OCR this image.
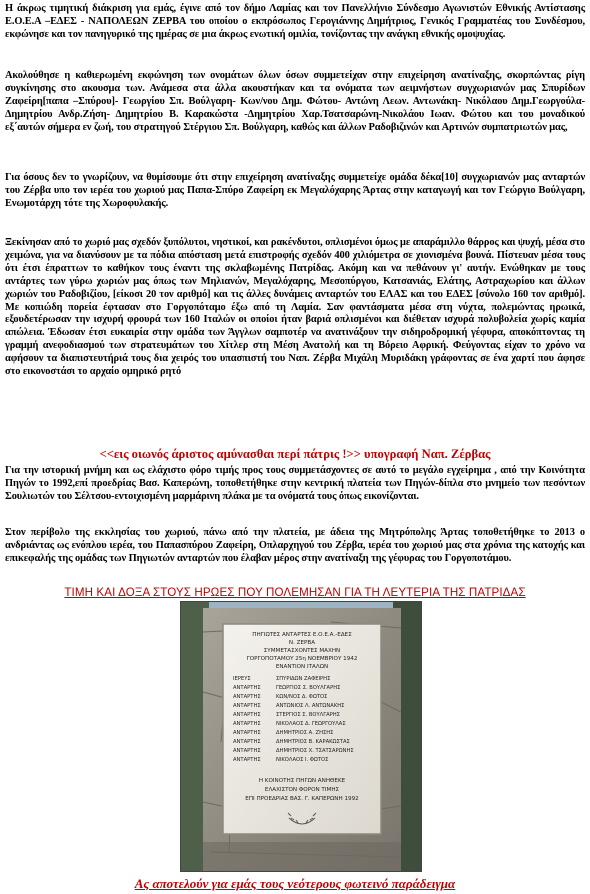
Η άκρως τιμητική διάκριση για εμάς, έγινε από τον δήμο Λαμίας και τον Πανελλήνιο Σύνδεσμο Αγωνιστών Εθνικής Αντίστασης Ε.Ο.Ε.Α –ΕΔΕΣ - ΝΑΠΟΛΕΩΝ ΖΕΡΒΑ του οποίου ο εκπρόσωπος Γερογιάννης Δημήτριος, Γενικός Γραμματέας του Συνδέσμου, εκφώνησε και τον πανηγυρικό της ημέρας σε μια άκρως ενωτική ομιλία, τονίζοντας την ανάγκη εθνικής ομοψυχίας.

Ακολούθησε η καθιερωμένη εκφώνηση των ονομάτων όλων όσων συμμετείχαν στην επιχείρηση ανατίναξης, σκορπώντας ρίγη συγκίνησης στο ακουσμα των. Ανάμεσα στα άλλα ακουστήκαν και τα ονόματα των αειμνήστων συγχωριανών μας Σπυρίδων Ζαφείρη[παπα –Σπύρου]- Γεωργίου Σπ. Βούλγαρη- Κων/νου Δημ. Φώτου- Αντώνη Λεων. Αντωνάκη- Νικόλαου Δημ.Γεωργούλα- Δημητρίου Ανδρ.Ζήση- Δημητρίου Β. Καρακώστα -Δημητρίου Χαρ.Τσατσαρώνη-Νικολάου Ιωαν. Φώτου και του μοναδικού εξ΄αυτών σήμερα εν ζωή, του στρατηγού Στέργιου Σπ. Βούλγαρη, καθώς και άλλων Ραδοβιζινών και Αρτινών συμπατριωτών μας,

Για όσους δεν το γνωρίζουν, να θυμίσουμε ότι στην επιχείρηση ανατίναξης συμμετείχε ομάδα δέκα[10] συγχωριανών μας ανταρτών του Ζέρβα υπο τον ιερέα του χωριού μας Παπα-Σπύρο Ζαφείρη εκ Μεγαλόχαρης Άρτας στην καταγωγή και τον Γεώργιο Βούλγαρη, Ενωμοτάρχη τότε της Χωροφυλακής.

Ξεκίνησαν από το χωριό μας σχεδόν ξυπόλυτοι, νηστικοί, και ρακένδυτοι, οπλισμένοι όμως με απαράμιλλο θάρρος και ψυχή, μέσα στο χειμώνα, για να διανύσουν με τα πόδια απόσταση μετά επιστροφής σχεδόν 400 χιλιόμετρα σε χιονισμένα βουνά. Πίστευαν μέσα τους ότι έτσι έπραττων το καθήκον τους έναντι της σκλαβωμένης Πατρίδας. Ακόμη και να πεθάνουν γι' αυτήν. Ενώθηκαν με τους αντάρτες των γύρω χωριών μας όπως των Μηλιανών, Μεγαλόχαρης, Μεσοπύργου, Κατσανιάς, Ελάτης, Αστραχωρίου και άλλων χωριών του Ραδοβιζίου, [είκοσι 20 τον αριθμό] και τις άλλες δυνάμεις ανταρτών του ΕΛΑΣ και του ΕΔΕΣ [σύνολο 160 τον αριθμό]. Με κοπιώδη πορεία έφτασαν στο Γοργοπόταμο έξω από τη Λαμία. Σαν φαντάσματα μέσα στη νύχτα, πολεμώντας ηρωικά, εξουδετέρωσαν την ισχυρή φρουρά των 160 Ιταλών οι οποίοι ήταν βαριά οπλισμένοι και διέθεταν ισχυρά πολυβολεία χωρίς καμία απώλεια. Έδωσαν έτσι ευκαιρία στην ομάδα των Άγγλων σαμποτέρ να ανατινάξουν την σιδηροδρομική γέφυρα, αποκόπτοντας τη γραμμή ανεφοδιασμού των στρατευμάτων του Χίτλερ στη Μέση Ανατολή και τη Βόρειο Αφρική. Φεύγοντας είχαν το χρόνο να αφήσουν τα διαπιστευτήριά τους δια χειρός του υπασπιστή του Ναπ. Ζέρβα Μιχάλη Μυριδάκη γράφοντας σε ένα χαρτί που άφησε στο εικονοστάσι το αρχαίο ομηρικό ρητό

<<εις οιωνός άριστος αμύνασθαι περί πάτρις !>> υπογραφή Ναπ. Ζέρβας

Για την ιστορική μνήμη και ως ελάχιστο φόρο τιμής προς τους συμμετάσχοντες σε αυτό το μεγάλο εγχείρημα , από την Κοινότητα Πηγών το 1992,επί προεδρίας Βασ. Καπερώνη, τοποθετήθηκε στην κεντρική πλατεία των Πηγών-δίπλα στο μνημείο των πεσόντων Σουλιωτών του Σέλτσου-εντοιχισμένη μαρμάρινη πλάκα με τα ονόματά τους όπως εικονίζονται.

Στον περίβολο της εκκλησίας του χωριού, πάνω από την πλατεία, με άδεια της Μητρόπολης Άρτας τοποθετήθηκε το 2013 ο ανδριάντας ως ενόπλου ιερέα, του Παπασπύρου Ζαφείρη, Οπλαρχηγού του Ζέρβα, ιερέα του χωριού μας στα χρόνια της κατοχής και επικεφαλής της ομάδας των Πηγιωτών ανταρτών που έλαβαν μέρος στην ανατίναξη της γέφυρας του Γοργοποτάμου.

ΤΙΜΗ ΚΑΙ ΔΟΞΑ ΣΤΟΥΣ ΗΡΩΕΣ ΠΟΥ ΠΟΛΕΜΗΣΑΝ ΓΙΑ ΤΗ ΛΕΥΤΕΡΙΑ ΤΗΣ ΠΑΤΡΙΔΑΣ

ΠΗΓΙΩΤΕΣ ΑΝΤΑΡΤΕΣ Ε.Ο.Ε.Α.-ΕΔΕΣ
Ν. ΖΕΡΒΑ
ΣΥΜΜΕΤΑΣΧΟΝΤΕΣ ΜΑΧΗΝ
ΓΟΡΓΟΠΟΤΑΜΟΥ 25η ΝΟΕΜΒΡΙΟΥ 1942
ΕΝΑΝΤΙΟΝ ΙΤΑΛΩΝ
ΙΕΡΕΥΣ	ΣΠΥΡΙΔΩΝ ΖΑΦΕΙΡΗΣ
ΑΝΤΑΡΤΗΣ	ΓΕΩΡΓΙΟΣ Σ. ΒΟΥΛΓΑΡΗΣ
ΑΝΤΑΡΤΗΣ	ΚΩΝ/ΝΟΣ Δ. ΦΩΤΟΣ
ΑΝΤΑΡΤΗΣ	ΑΝΤΩΝΙΟΣ Λ. ΑΝΤΩΝΑΚΗΣ
ΑΝΤΑΡΤΗΣ	ΣΤΕΡΓΙΟΣ Σ. ΒΟΥΛΓΑΡΗΣ
ΑΝΤΑΡΤΗΣ	ΝΙΚΟΛΑΟΣ Δ. ΓΕΩΡΓΟΥΛΑΣ
ΑΝΤΑΡΤΗΣ	ΔΗΜΗΤΡΙΟΣ Α. ΖΗΣΗΣ
ΑΝΤΑΡΤΗΣ	ΔΗΜΗΤΡΙΟΣ Β. ΚΑΡΑΚΩΣΤΑΣ
ΑΝΤΑΡΤΗΣ	ΔΗΜΗΤΡΙΟΣ Χ. ΤΣΑΤΣΑΡΩΝΗΣ
ΑΝΤΑΡΤΗΣ	ΝΙΚΟΛΑΟΣ Ι. ΦΩΤΟΣ
Η ΚΟΙΝΟΤΗΣ ΠΗΓΩΝ ΑΝΗΘΕΚΕ
ΕΛΑΧΙΣΤΟΝ ΦΟΡΟΝ ΤΙΜΗΣ
ΕΠΙ ΠΡΟΕΔΡΙΑΣ ΒΑΣ. Γ. ΚΑΠΕΡΩΝΗ 1992

Ας αποτελούν για εμάς τους νεότερους φωτεινό παράδειγμα
